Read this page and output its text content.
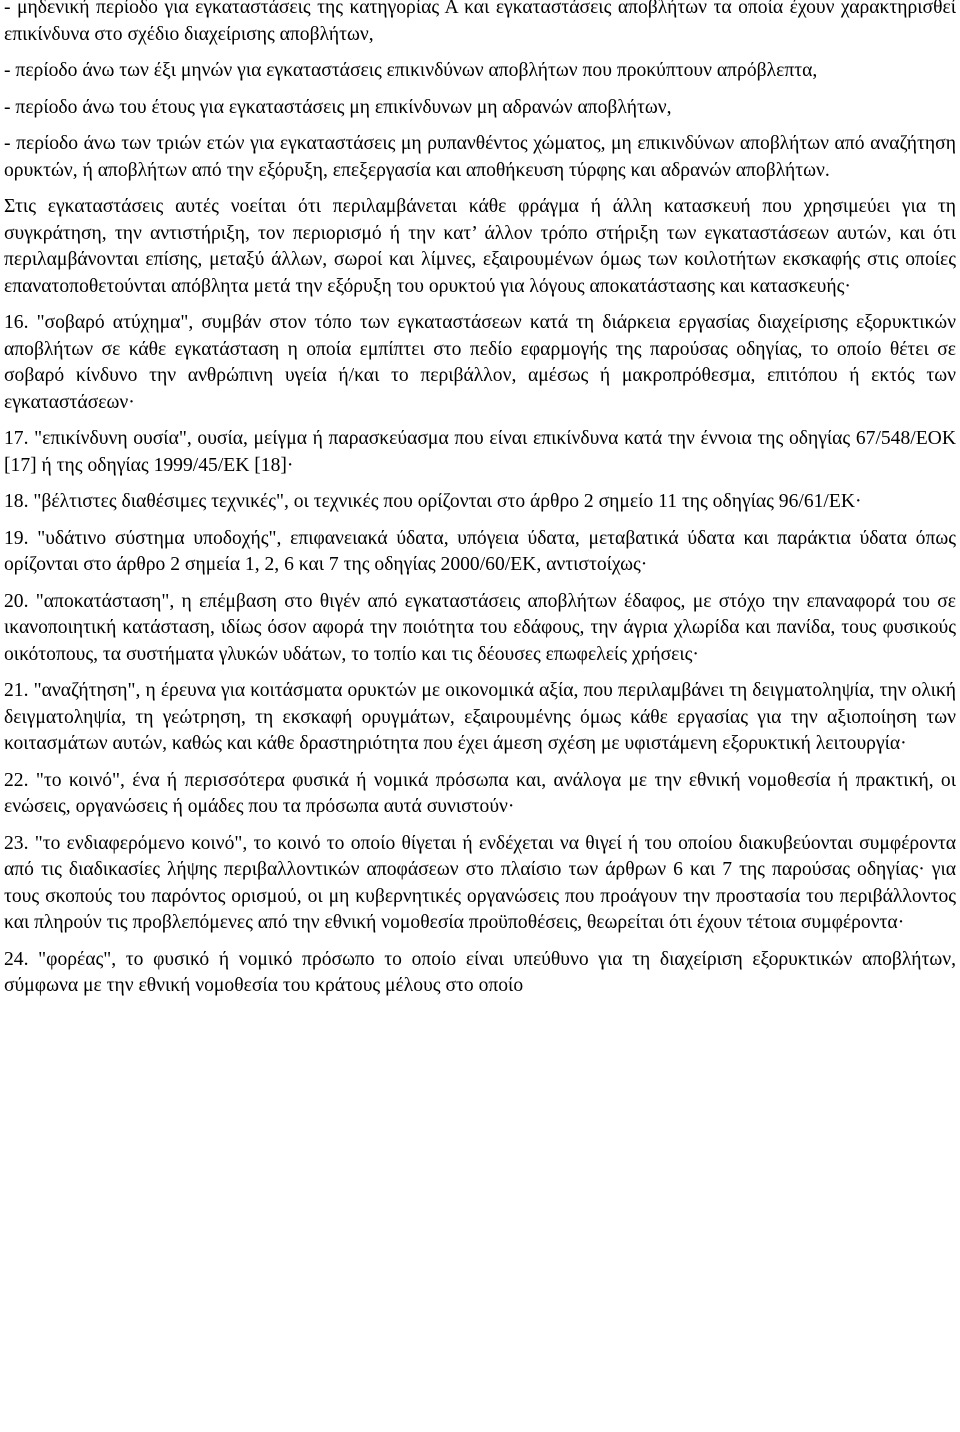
- μηδενική περίοδο για εγκαταστάσεις της κατηγορίας Α και εγκαταστάσεις αποβλήτων τα οποία έχουν χαρακτηρισθεί επικίνδυνα στο σχέδιο διαχείρισης αποβλήτων,

- περίοδο άνω των έξι μηνών για εγκαταστάσεις επικινδύνων αποβλήτων που προκύπτουν απρόβλεπτα,

- περίοδο άνω του έτους για εγκαταστάσεις μη επικίνδυνων μη αδρανών αποβλήτων,

- περίοδο άνω των τριών ετών για εγκαταστάσεις μη ρυπανθέντος χώματος, μη επικινδύνων αποβλήτων από αναζήτηση ορυκτών, ή αποβλήτων από την εξόρυξη, επεξεργασία και αποθήκευση τύρφης και αδρανών αποβλήτων.

Στις εγκαταστάσεις αυτές νοείται ότι περιλαμβάνεται κάθε φράγμα ή άλλη κατασκευή που χρησιμεύει για τη συγκράτηση, την αντιστήριξη, τον περιορισμό ή την κατ’ άλλον τρόπο στήριξη των εγκαταστάσεων αυτών, και ότι περιλαμβάνονται επίσης, μεταξύ άλλων, σωροί και λίμνες, εξαιρουμένων όμως των κοιλοτήτων εκσκαφής στις οποίες επανατοποθετούνται απόβλητα μετά την εξόρυξη του ορυκτού για λόγους αποκατάστασης και κατασκευής·

16. "σοβαρό ατύχημα", συμβάν στον τόπο των εγκαταστάσεων κατά τη διάρκεια εργασίας διαχείρισης εξορυκτικών αποβλήτων σε κάθε εγκατάσταση η οποία εμπίπτει στο πεδίο εφαρμογής της παρούσας οδηγίας, το οποίο θέτει σε σοβαρό κίνδυνο την ανθρώπινη υγεία ή/και το περιβάλλον, αμέσως ή μακροπρόθεσμα, επιτόπου ή εκτός των εγκαταστάσεων·

17. "επικίνδυνη ουσία", ουσία, μείγμα ή παρασκεύασμα που είναι επικίνδυνα κατά την έννοια της οδηγίας 67/548/ΕΟΚ [17] ή της οδηγίας 1999/45/ΕΚ [18]·

18. "βέλτιστες διαθέσιμες τεχνικές", οι τεχνικές που ορίζονται στο άρθρο 2 σημείο 11 της οδηγίας 96/61/ΕΚ·

19. "υδάτινο σύστημα υποδοχής", επιφανειακά ύδατα, υπόγεια ύδατα, μεταβατικά ύδατα και παράκτια ύδατα όπως ορίζονται στο άρθρο 2 σημεία 1, 2, 6 και 7 της οδηγίας 2000/60/ΕΚ, αντιστοίχως·

20. "αποκατάσταση", η επέμβαση στο θιγέν από εγκαταστάσεις αποβλήτων έδαφος, με στόχο την επαναφορά του σε ικανοποιητική κατάσταση, ιδίως όσον αφορά την ποιότητα του εδάφους, την άγρια χλωρίδα και πανίδα, τους φυσικούς οικότοπους, τα συστήματα γλυκών υδάτων, το τοπίο και τις δέουσες επωφελείς χρήσεις·

21. "αναζήτηση", η έρευνα για κοιτάσματα ορυκτών με οικονομικά αξία, που περιλαμβάνει τη δειγματοληψία, την ολική δειγματοληψία, τη γεώτρηση, τη εκσκαφή ορυγμάτων, εξαιρουμένης όμως κάθε εργασίας για την αξιοποίηση των κοιτασμάτων αυτών, καθώς και κάθε δραστηριότητα που έχει άμεση σχέση με υφιστάμενη εξορυκτική λειτουργία·

22. "το κοινό", ένα ή περισσότερα φυσικά ή νομικά πρόσωπα και, ανάλογα με την εθνική νομοθεσία ή πρακτική, οι ενώσεις, οργανώσεις ή ομάδες που τα πρόσωπα αυτά συνιστούν·

23. "το ενδιαφερόμενο κοινό", το κοινό το οποίο θίγεται ή ενδέχεται να θιγεί ή του οποίου διακυβεύονται συμφέροντα από τις διαδικασίες λήψης περιβαλλοντικών αποφάσεων στο πλαίσιο των άρθρων 6 και 7 της παρούσας οδηγίας· για τους σκοπούς του παρόντος ορισμού, οι μη κυβερνητικές οργανώσεις που προάγουν την προστασία του περιβάλλοντος και πληρούν τις προβλεπόμενες από την εθνική νομοθεσία προϋποθέσεις, θεωρείται ότι έχουν τέτοια συμφέροντα·

24. "φορέας", το φυσικό ή νομικό πρόσωπο το οποίο είναι υπεύθυνο για τη διαχείριση εξορυκτικών αποβλήτων, σύμφωνα με την εθνική νομοθεσία του κράτους μέλους στο οποίο
